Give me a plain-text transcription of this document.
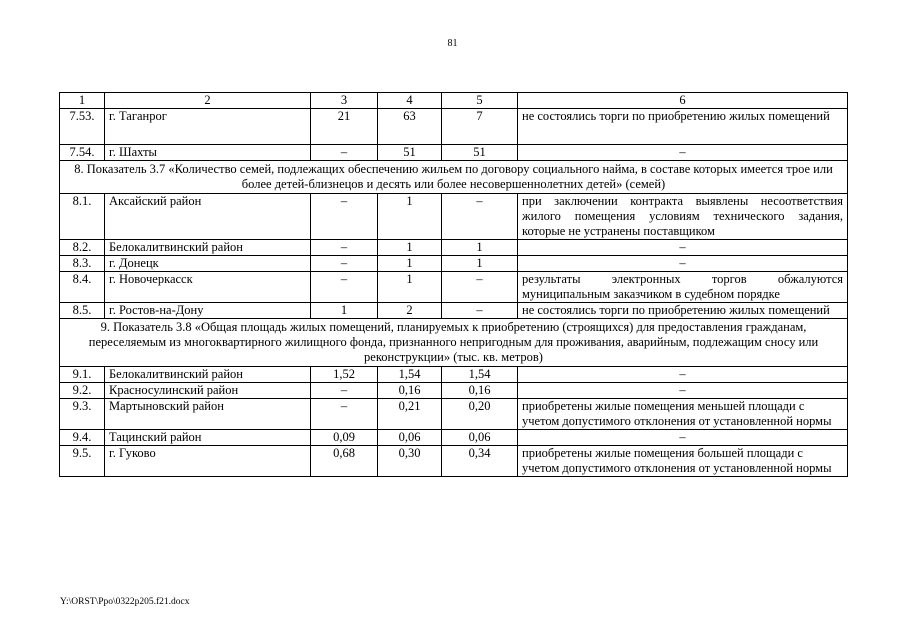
81
1	2	3	4	5	6
7.53.	г. Таганрог	21	63	7	не состоялись торги по приобретению жилых помещений
7.54.	г. Шахты	–	51	51	–
8. Показатель 3.7 «Количество семей, подлежащих обеспечению жильем по договору социального найма, в составе которых имеется трое или более детей-близнецов и десять или более несовершеннолетних детей» (семей)					
8.1.	Аксайский район	–	1	–	при заключении контракта выявлены несоответствия жилого помещения условиям технического задания, которые не устранены поставщиком
8.2.	Белокалитвинский район	–	1	1	–
8.3.	г. Донецк	–	1	1	–
8.4.	г. Новочеркасск	–	1	–	результаты электронных торгов обжалуются муниципальным заказчиком в судебном порядке
8.5.	г. Ростов-на-Дону	1	2	–	не состоялись торги по приобретению жилых помещений
9. Показатель 3.8 «Общая площадь жилых помещений, планируемых к приобретению (строящихся) для предоставления гражданам, переселяемым из многоквартирного жилищного фонда, признанного непригодным для проживания, аварийным, подлежащим сносу или реконструкции» (тыс. кв. метров)					
9.1.	Белокалитвинский район	1,52	1,54	1,54	–
9.2.	Красносулинский район	–	0,16	0,16	–
9.3.	Мартыновский район	–	0,21	0,20	приобретены жилые помещения меньшей площади с учетом допустимого отклонения от установленной нормы
9.4.	Тацинский район	0,09	0,06	0,06	–
9.5.	г. Гуково	0,68	0,30	0,34	приобретены жилые помещения большей площади с учетом допустимого отклонения от установленной нормы
Y:\ORST\Ppo\0322p205.f21.docx
